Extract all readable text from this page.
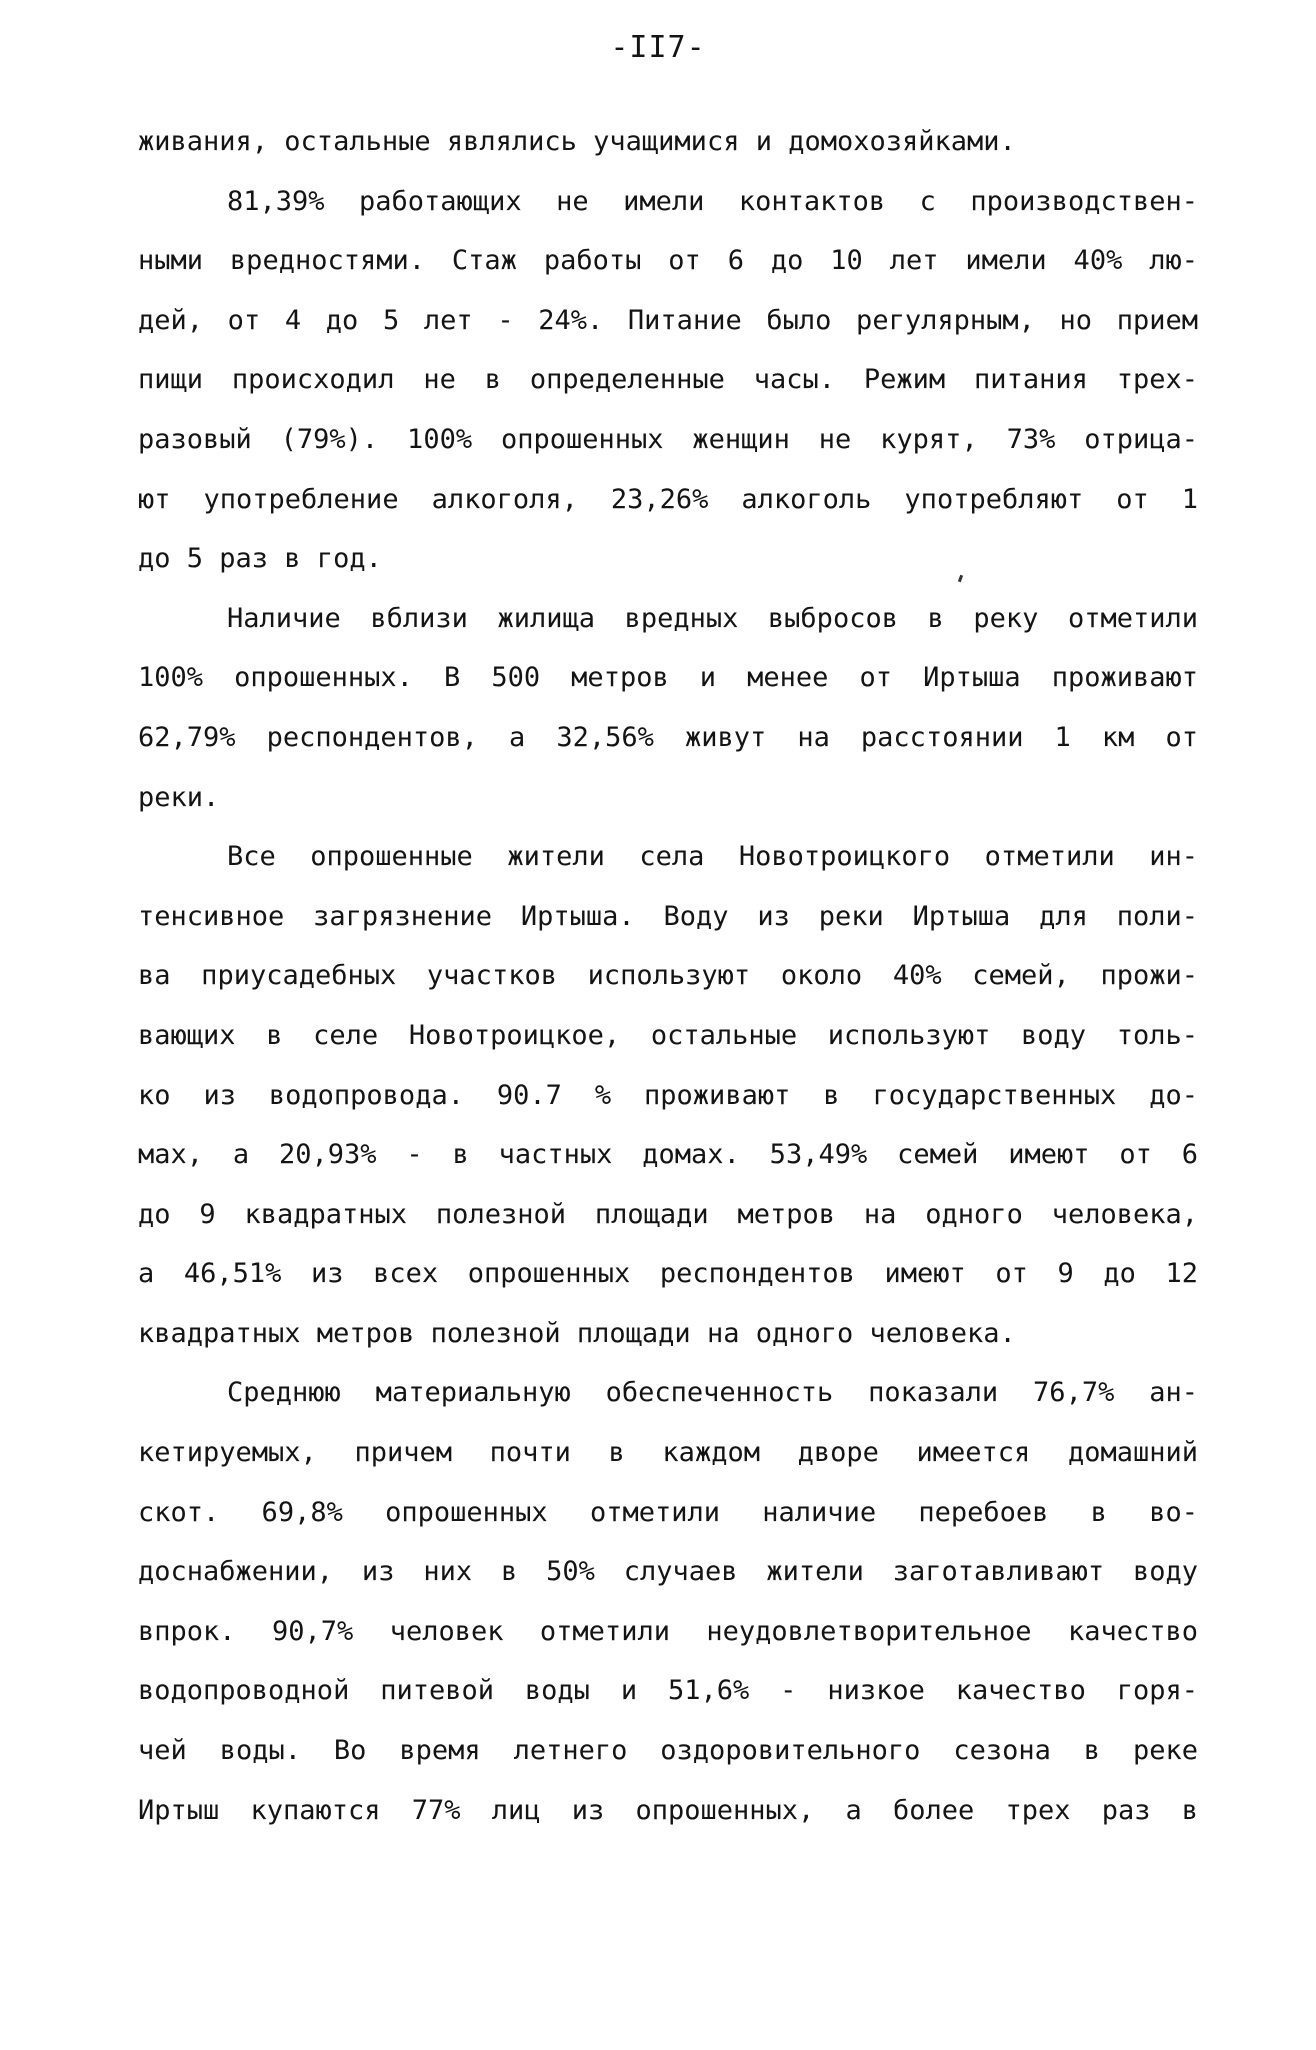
-II7-
живания, остальные являлись учащимися и домохозяйками.
81,39% работающих не имели контактов с производствен-
ными вредностями. Стаж работы от 6 до 10 лет имели 40% лю-
дей, от 4 до 5 лет - 24%. Питание было регулярным, но прием
пищи происходил не в определенные часы. Режим питания трех-
разовый (79%). 100% опрошенных женщин не курят, 73% отрица-
ют употребление алкоголя, 23,26% алкоголь употребляют от 1
до 5 раз в год.
Наличие вблизи жилища вредных выбросов в реку отметили
100% опрошенных. В 500 метров и менее от Иртыша проживают
62,79% респондентов, а 32,56% живут на расстоянии 1 км от
реки.
Все опрошенные жители села Новотроицкого отметили ин-
тенсивное загрязнение Иртыша. Воду из реки Иртыша для поли-
ва приусадебных участков используют около 40% семей, прожи-
вающих в селе Новотроицкое, остальные используют воду толь-
ко из водопровода. 90.7 % проживают в государственных до-
мах, а 20,93% - в частных домах. 53,49% семей имеют от 6
до 9 квадратных полезной площади метров на одного человека,
а 46,51% из всех опрошенных респондентов имеют от 9 до 12
квадратных метров полезной площади на одного человека.
Среднюю материальную обеспеченность показали 76,7% ан-
кетируемых, причем почти в каждом дворе имеется домашний
скот. 69,8% опрошенных отметили наличие перебоев в во-
доснабжении, из них в 50% случаев жители заготавливают воду
впрок. 90,7% человек отметили неудовлетворительное качество
водопроводной питевой воды и 51,6% - низкое качество горя-
чей воды. Во время летнего оздоровительного сезона в реке
Иртыш купаются 77% лиц из опрошенных, а более трех раз в
